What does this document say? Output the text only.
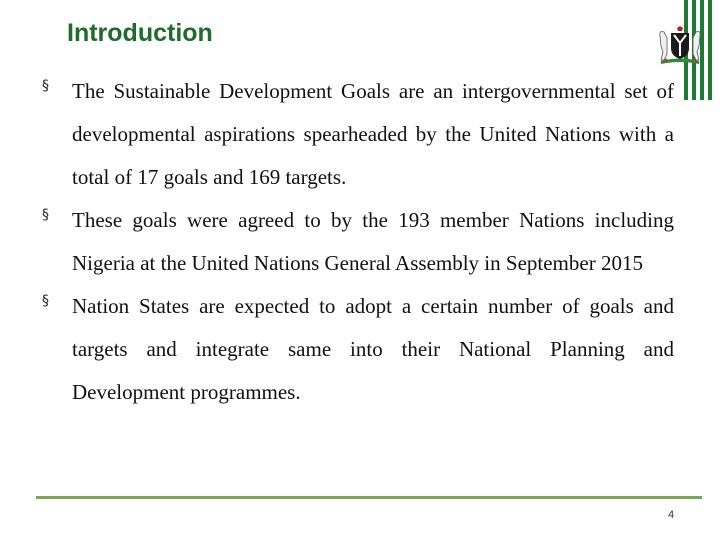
Introduction
§ The Sustainable Development Goals are an intergovernmental set of developmental aspirations spearheaded by the United Nations with a total of 17 goals and 169 targets.
§ These goals were agreed to by the 193 member Nations including Nigeria at the United Nations General Assembly in September 2015
§ Nation States are expected to adopt a certain number of goals and targets and integrate same into their National Planning and Development programmes.
4
